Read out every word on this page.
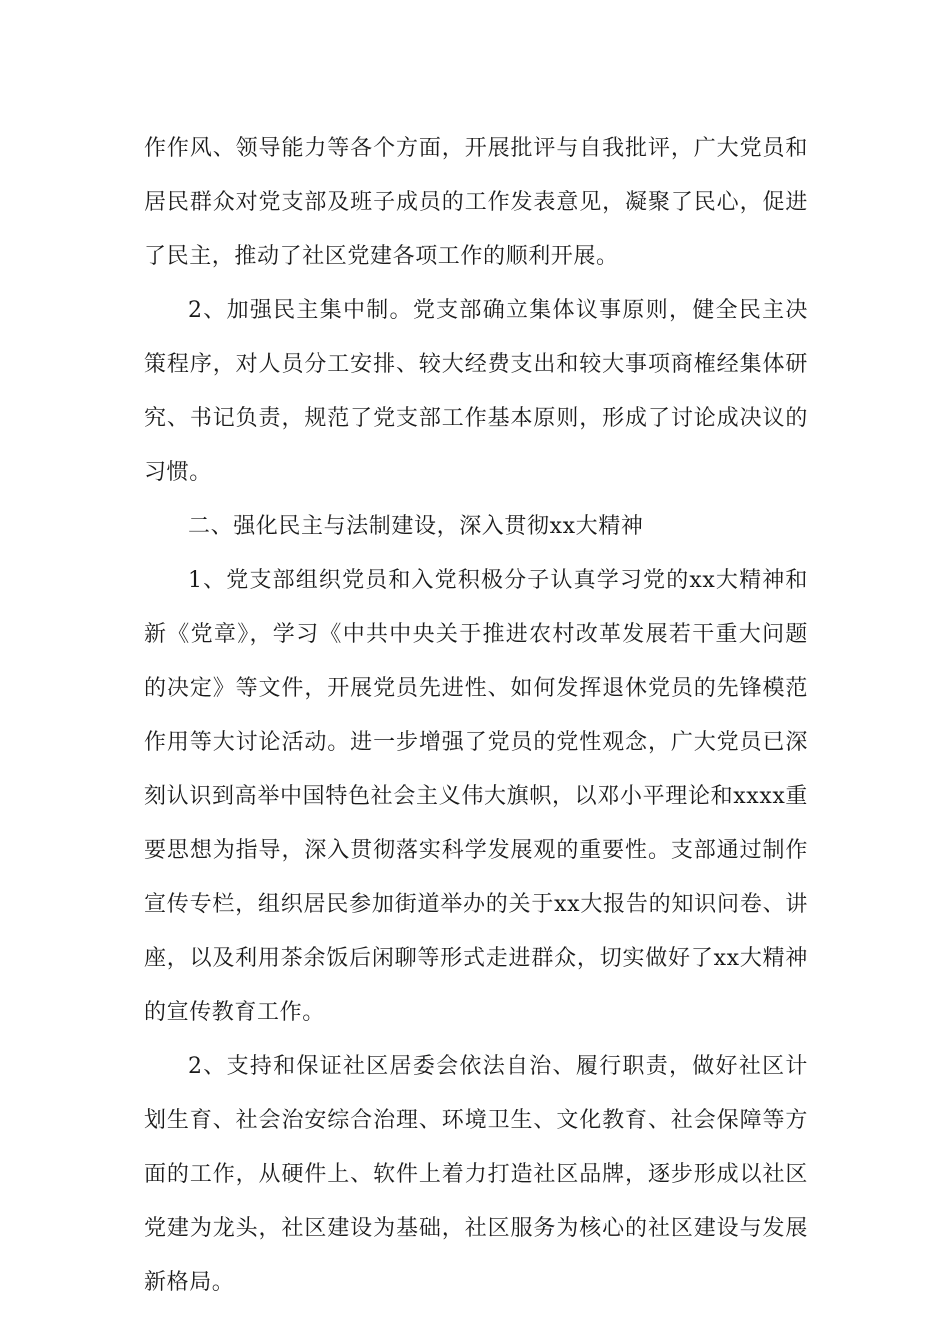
作作风、领导能力等各个方面，开展批评与自我批评，广大党员和居民群众对党支部及班子成员的工作发表意见，凝聚了民心，促进了民主，推动了社区党建各项工作的顺利开展。

2、加强民主集中制。党支部确立集体议事原则，健全民主决策程序，对人员分工安排、较大经费支出和较大事项商榷经集体研究、书记负责，规范了党支部工作基本原则，形成了讨论成决议的习惯。

二、强化民主与法制建设，深入贯彻xx大精神

1、党支部组织党员和入党积极分子认真学习党的xx大精神和新《党章》，学习《中共中央关于推进农村改革发展若干重大问题的决定》等文件，开展党员先进性、如何发挥退休党员的先锋模范作用等大讨论活动。进一步增强了党员的党性观念，广大党员已深刻认识到高举中国特色社会主义伟大旗帜，以邓小平理论和xxxx重要思想为指导，深入贯彻落实科学发展观的重要性。支部通过制作宣传专栏，组织居民参加街道举办的关于xx大报告的知识问卷、讲座，以及利用茶余饭后闲聊等形式走进群众，切实做好了xx大精神的宣传教育工作。

2、支持和保证社区居委会依法自治、履行职责，做好社区计划生育、社会治安综合治理、环境卫生、文化教育、社会保障等方面的工作，从硬件上、软件上着力打造社区品牌，逐步形成以社区党建为龙头，社区建设为基础，社区服务为核心的社区建设与发展新格局。
